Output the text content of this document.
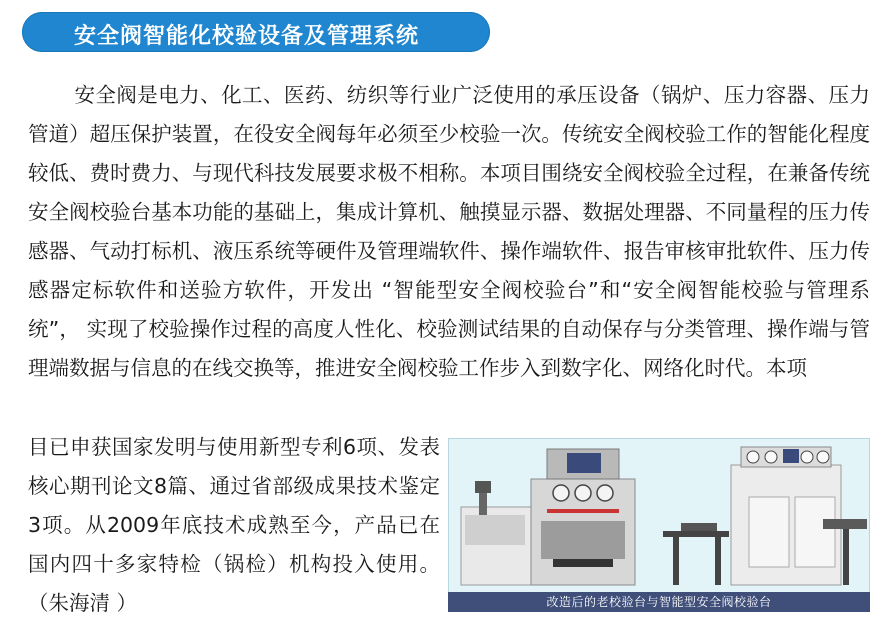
安全阀智能化校验设备及管理系统
安全阀是电力、化工、医药、纺织等行业广泛使用的承压设备（锅炉、压力容器、压力管道）超压保护装置，在役安全阀每年必须至少校验一次。传统安全阀校验工作的智能化程度较低、费时费力、与现代科技发展要求极不相称。本项目围绕安全阀校验全过程，在兼备传统安全阀校验台基本功能的基础上，集成计算机、触摸显示器、数据处理器、不同量程的压力传感器、气动打标机、液压系统等硬件及管理端软件、操作端软件、报告审核审批软件、压力传感器定标软件和送验方软件，开发出 “智能型安全阀校验台”和“安全阀智能校验与管理系统”， 实现了校验操作过程的高度人性化、校验测试结果的自动保存与分类管理、操作端与管理端数据与信息的在线交换等，推进安全阀校验工作步入到数字化、网络化时代。本项
目已申获国家发明与使用新型专利6项、发表核心期刊论文8篇、通过省部级成果技术鉴定3项。从2009年底技术成熟至今，产品已在国内四十多家特检（锅检）机构投入使用。（朱海清 ）	改造后的老校验台与智能型安全阀校验台
